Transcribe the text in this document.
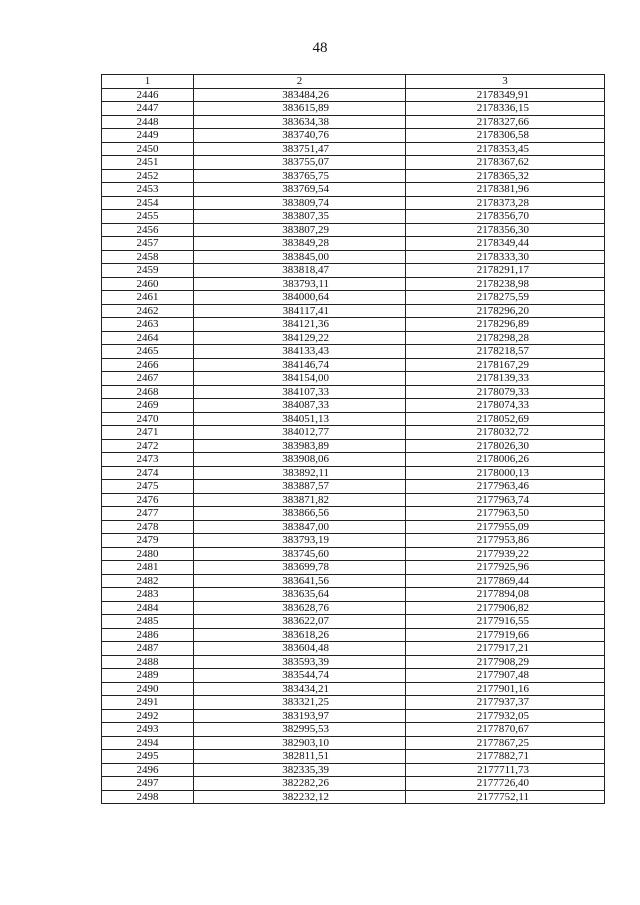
48
1	2	3
2446	383484,26	2178349,91
2447	383615,89	2178336,15
2448	383634,38	2178327,66
2449	383740,76	2178306,58
2450	383751,47	2178353,45
2451	383755,07	2178367,62
2452	383765,75	2178365,32
2453	383769,54	2178381,96
2454	383809,74	2178373,28
2455	383807,35	2178356,70
2456	383807,29	2178356,30
2457	383849,28	2178349,44
2458	383845,00	2178333,30
2459	383818,47	2178291,17
2460	383793,11	2178238,98
2461	384000,64	2178275,59
2462	384117,41	2178296,20
2463	384121,36	2178296,89
2464	384129,22	2178298,28
2465	384133,43	2178218,57
2466	384146,74	2178167,29
2467	384154,00	2178139,33
2468	384107,33	2178079,33
2469	384087,33	2178074,33
2470	384051,13	2178052,69
2471	384012,77	2178032,72
2472	383983,89	2178026,30
2473	383908,06	2178006,26
2474	383892,11	2178000,13
2475	383887,57	2177963,46
2476	383871,82	2177963,74
2477	383866,56	2177963,50
2478	383847,00	2177955,09
2479	383793,19	2177953,86
2480	383745,60	2177939,22
2481	383699,78	2177925,96
2482	383641,56	2177869,44
2483	383635,64	2177894,08
2484	383628,76	2177906,82
2485	383622,07	2177916,55
2486	383618,26	2177919,66
2487	383604,48	2177917,21
2488	383593,39	2177908,29
2489	383544,74	2177907,48
2490	383434,21	2177901,16
2491	383321,25	2177937,37
2492	383193,97	2177932,05
2493	382995,53	2177870,67
2494	382903,10	2177867,25
2495	382811,51	2177882,71
2496	382335,39	2177711,73
2497	382282,26	2177726,40
2498	382232,12	2177752,11
